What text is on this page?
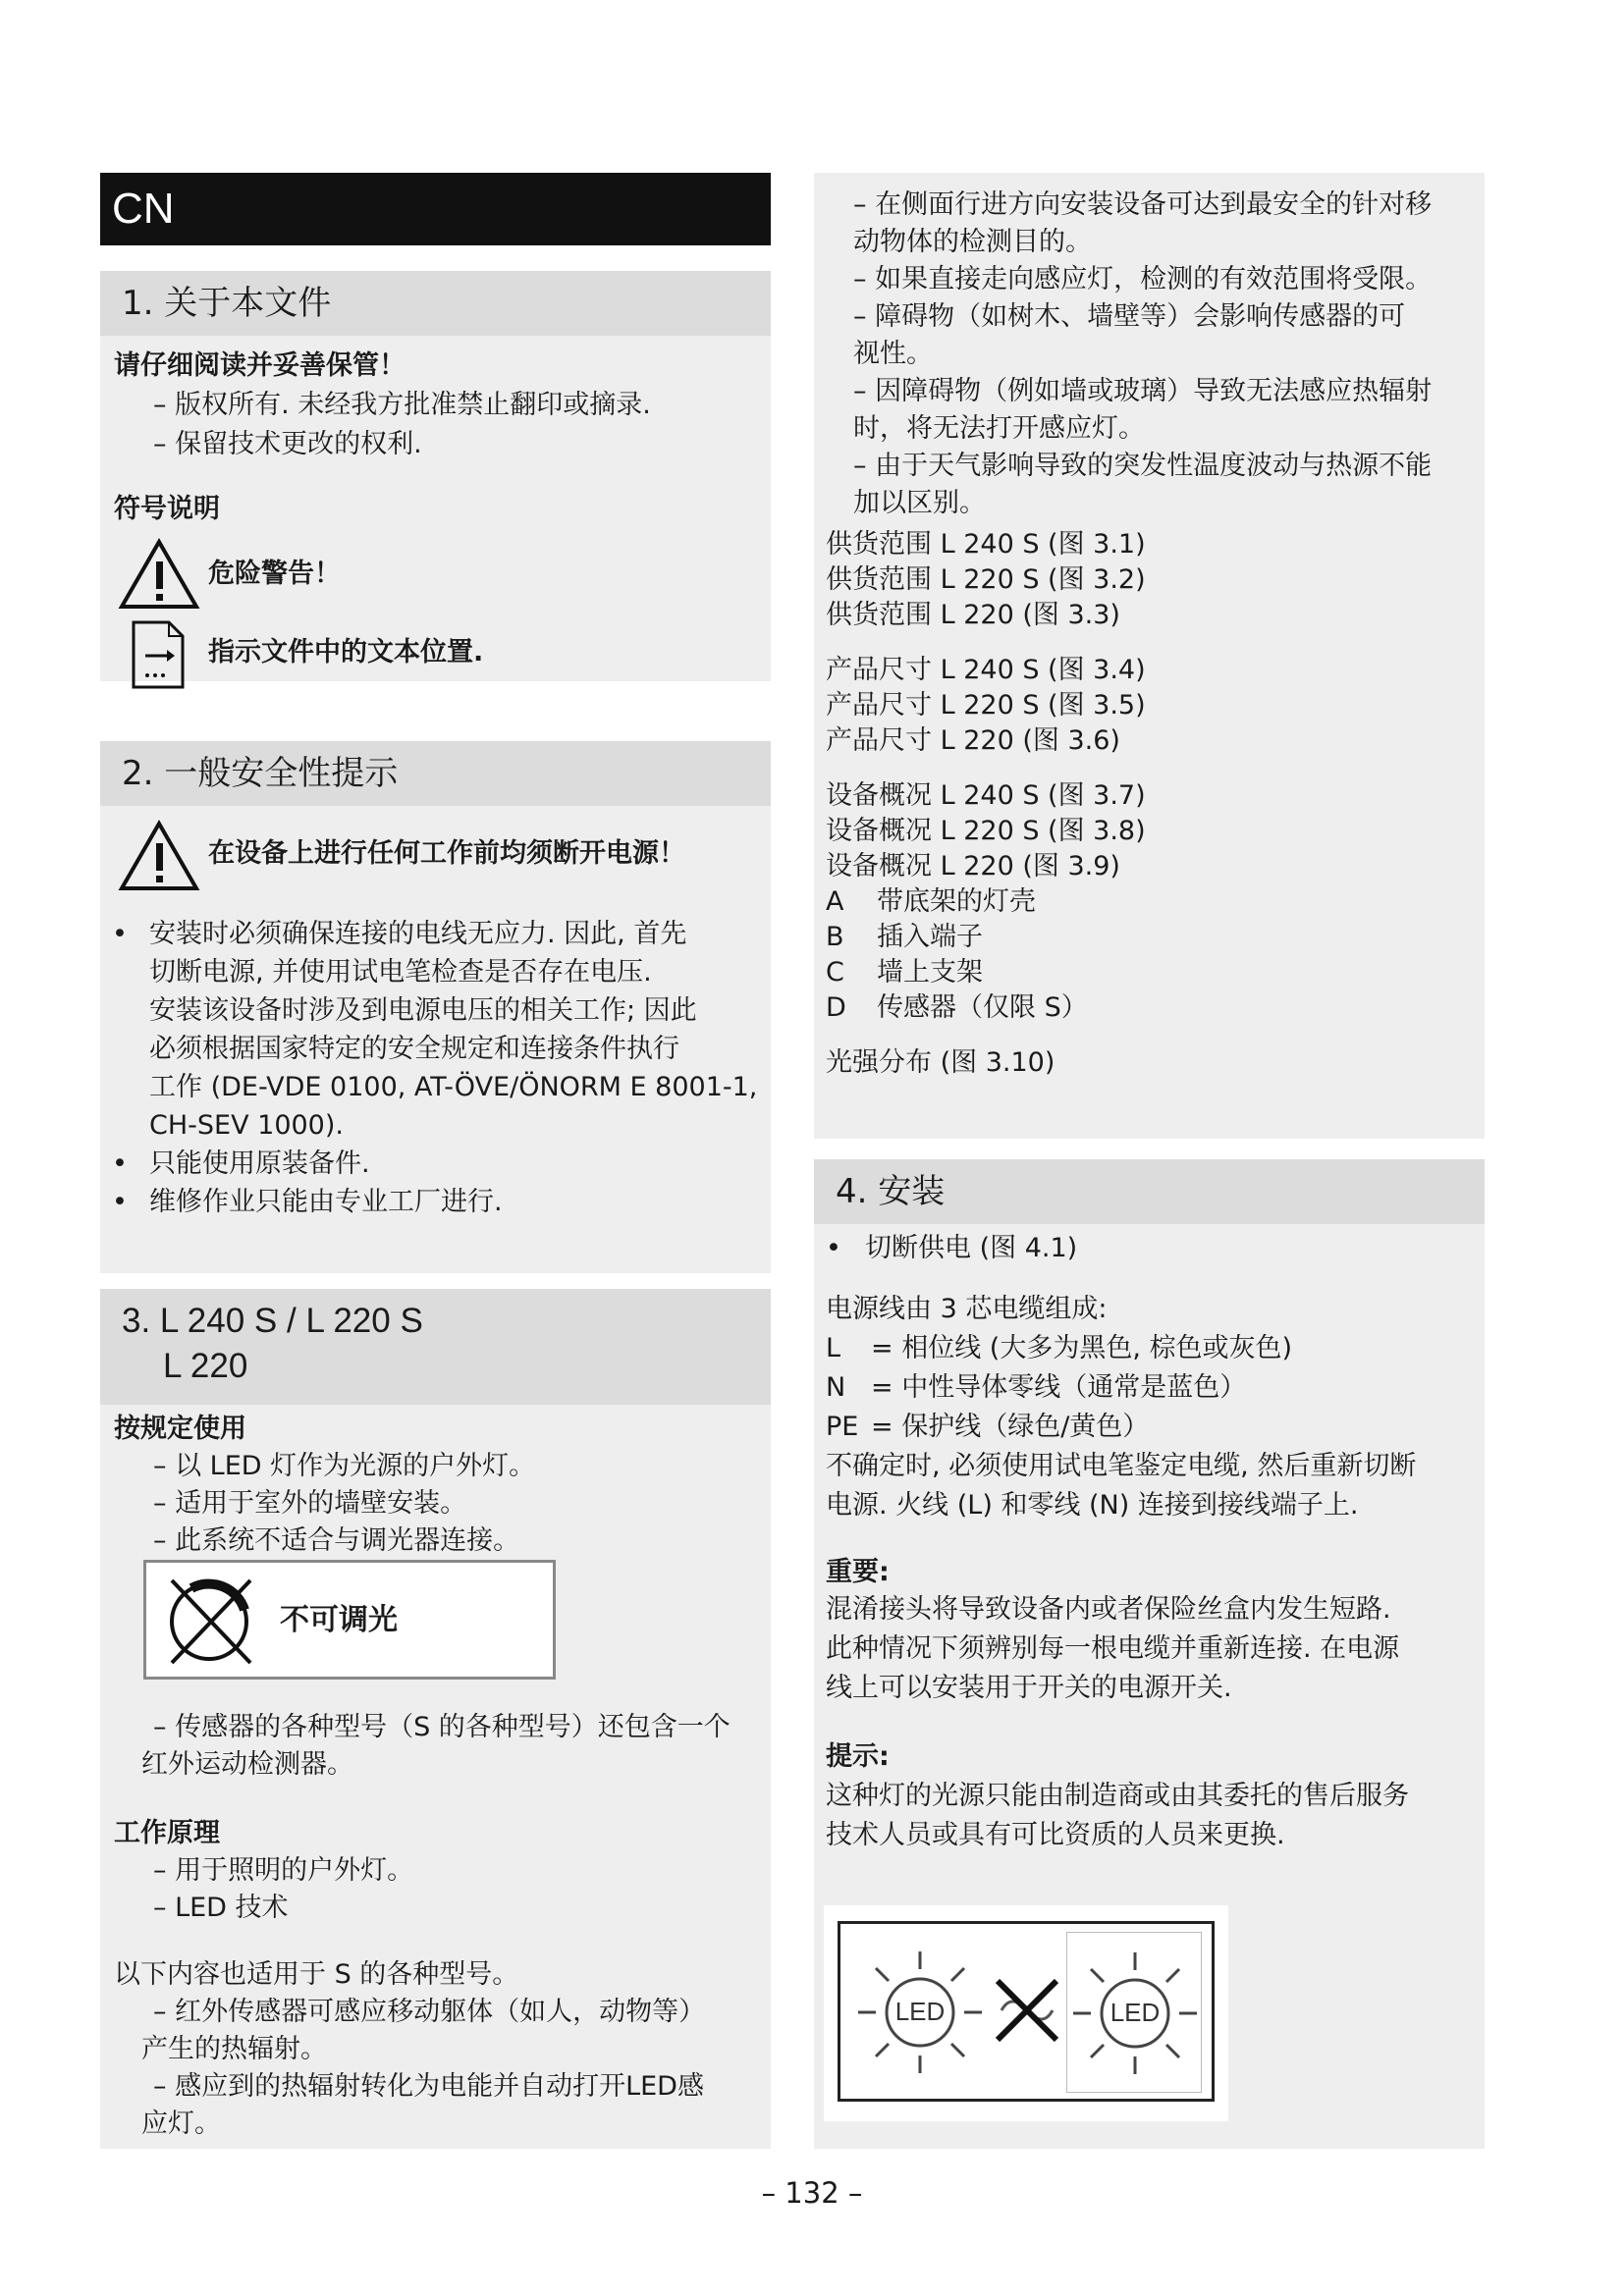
CN
1. 关于本文件
请仔细阅读并妥善保管！
– 版权所有. 未经我方批准禁止翻印或摘录.
– 保留技术更改的权利.
符号说明
危险警告！
指示文件中的文本位置.
2. 一般安全性提示
在设备上进行任何工作前均须断开电源！
• 安装时必须确保连接的电线无应力. 因此, 首先
切断电源, 并使用试电笔检查是否存在电压.
安装该设备时涉及到电源电压的相关工作; 因此
必须根据国家特定的安全规定和连接条件执行
工作 (DE-VDE 0100, AT-ÖVE/ÖNORM E 8001-1,
CH-SEV 1000).
• 只能使用原装备件.
• 维修作业只能由专业工厂进行.
3. L 240 S / L 220 S
L 220
按规定使用
– 以 LED 灯作为光源的户外灯。
– 适用于室外的墙壁安装。
– 此系统不适合与调光器连接。
不可调光
– 传感器的各种型号（S 的各种型号）还包含一个
红外运动检测器。
工作原理
– 用于照明的户外灯。
– LED 技术
以下内容也适用于 S 的各种型号。
– 红外传感器可感应移动躯体（如人，动物等）
产生的热辐射。
– 感应到的热辐射转化为电能并自动打开LED感
应灯。
– 在侧面行进方向安装设备可达到最安全的针对移
动物体的检测目的。
– 如果直接走向感应灯，检测的有效范围将受限。
– 障碍物（如树木、墙壁等）会影响传感器的可
视性。
– 因障碍物（例如墙或玻璃）导致无法感应热辐射
时，将无法打开感应灯。
– 由于天气影响导致的突发性温度波动与热源不能
加以区别。
供货范围 L 240 S (图 3.1)
供货范围 L 220 S (图 3.2)
供货范围 L 220 (图 3.3)
产品尺寸 L 240 S (图 3.4)
产品尺寸 L 220 S (图 3.5)
产品尺寸 L 220 (图 3.6)
设备概况 L 240 S (图 3.7)
设备概况 L 220 S (图 3.8)
设备概况 L 220 (图 3.9)
A 带底架的灯壳
B 插入端子
C 墙上支架
D 传感器（仅限 S）
光强分布 (图 3.10)
4. 安装
• 切断供电 (图 4.1)
电源线由 3 芯电缆组成:
L = 相位线 (大多为黑色, 棕色或灰色)
N = 中性导体零线（通常是蓝色）
PE = 保护线（绿色/黄色）
不确定时, 必须使用试电笔鉴定电缆, 然后重新切断
电源. 火线 (L) 和零线 (N) 连接到接线端子上.
重要:
混淆接头将导致设备内或者保险丝盒内发生短路.
此种情况下须辨别每一根电缆并重新连接. 在电源
线上可以安装用于开关的电源开关.
提示:
这种灯的光源只能由制造商或由其委托的售后服务
技术人员或具有可比资质的人员来更换.
LED	LED
– 132 –
